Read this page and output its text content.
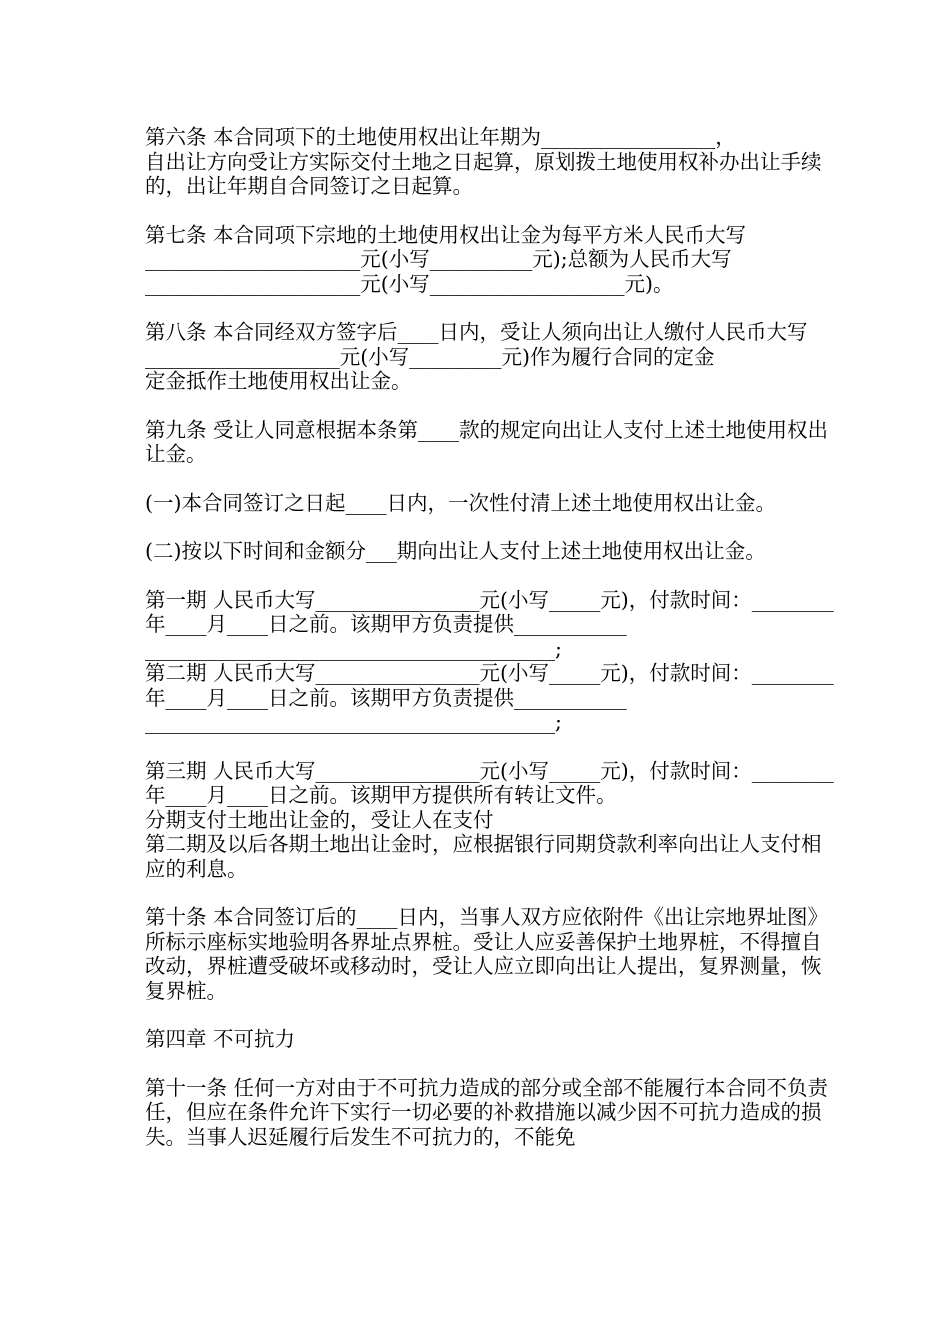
第六条 本合同项下的土地使用权出让年期为_________________，
自出让方向受让方实际交付土地之日起算，原划拨土地使用权补办出让手续的，出让年期自合同签订之日起算。

第七条 本合同项下宗地的土地使用权出让金为每平方米人民币大写
_____________________元(小写__________元);总额为人民币大写
_____________________元(小写___________________元)。

第八条 本合同经双方签字后____日内，受让人须向出让人缴付人民币大写
___________________元(小写_________元)作为履行合同的定金
定金抵作土地使用权出让金。

第九条 受让人同意根据本条第____款的规定向出让人支付上述土地使用权出让金。

(一)本合同签订之日起____日内，一次性付清上述土地使用权出让金。

(二)按以下时间和金额分___期向出让人支付上述土地使用权出让金。

第一期 人民币大写________________元(小写_____元)，付款时间：________年____月____日之前。该期甲方负责提供___________
________________________________________;
第二期 人民币大写________________元(小写_____元)，付款时间：________年____月____日之前。该期甲方负责提供___________
________________________________________;

第三期 人民币大写________________元(小写_____元)，付款时间：________年____月____日之前。该期甲方提供所有转让文件。
分期支付土地出让金的，受让人在支付
第二期及以后各期土地出让金时，应根据银行同期贷款利率向出让人支付相应的利息。

第十条 本合同签订后的____日内，当事人双方应依附件《出让宗地界址图》所标示座标实地验明各界址点界桩。受让人应妥善保护土地界桩，不得擅自改动，界桩遭受破坏或移动时，受让人应立即向出让人提出，复界测量，恢复界桩。

第四章 不可抗力

第十一条 任何一方对由于不可抗力造成的部分或全部不能履行本合同不负责任，但应在条件允许下实行一切必要的补救措施以减少因不可抗力造成的损失。当事人迟延履行后发生不可抗力的，不能免
